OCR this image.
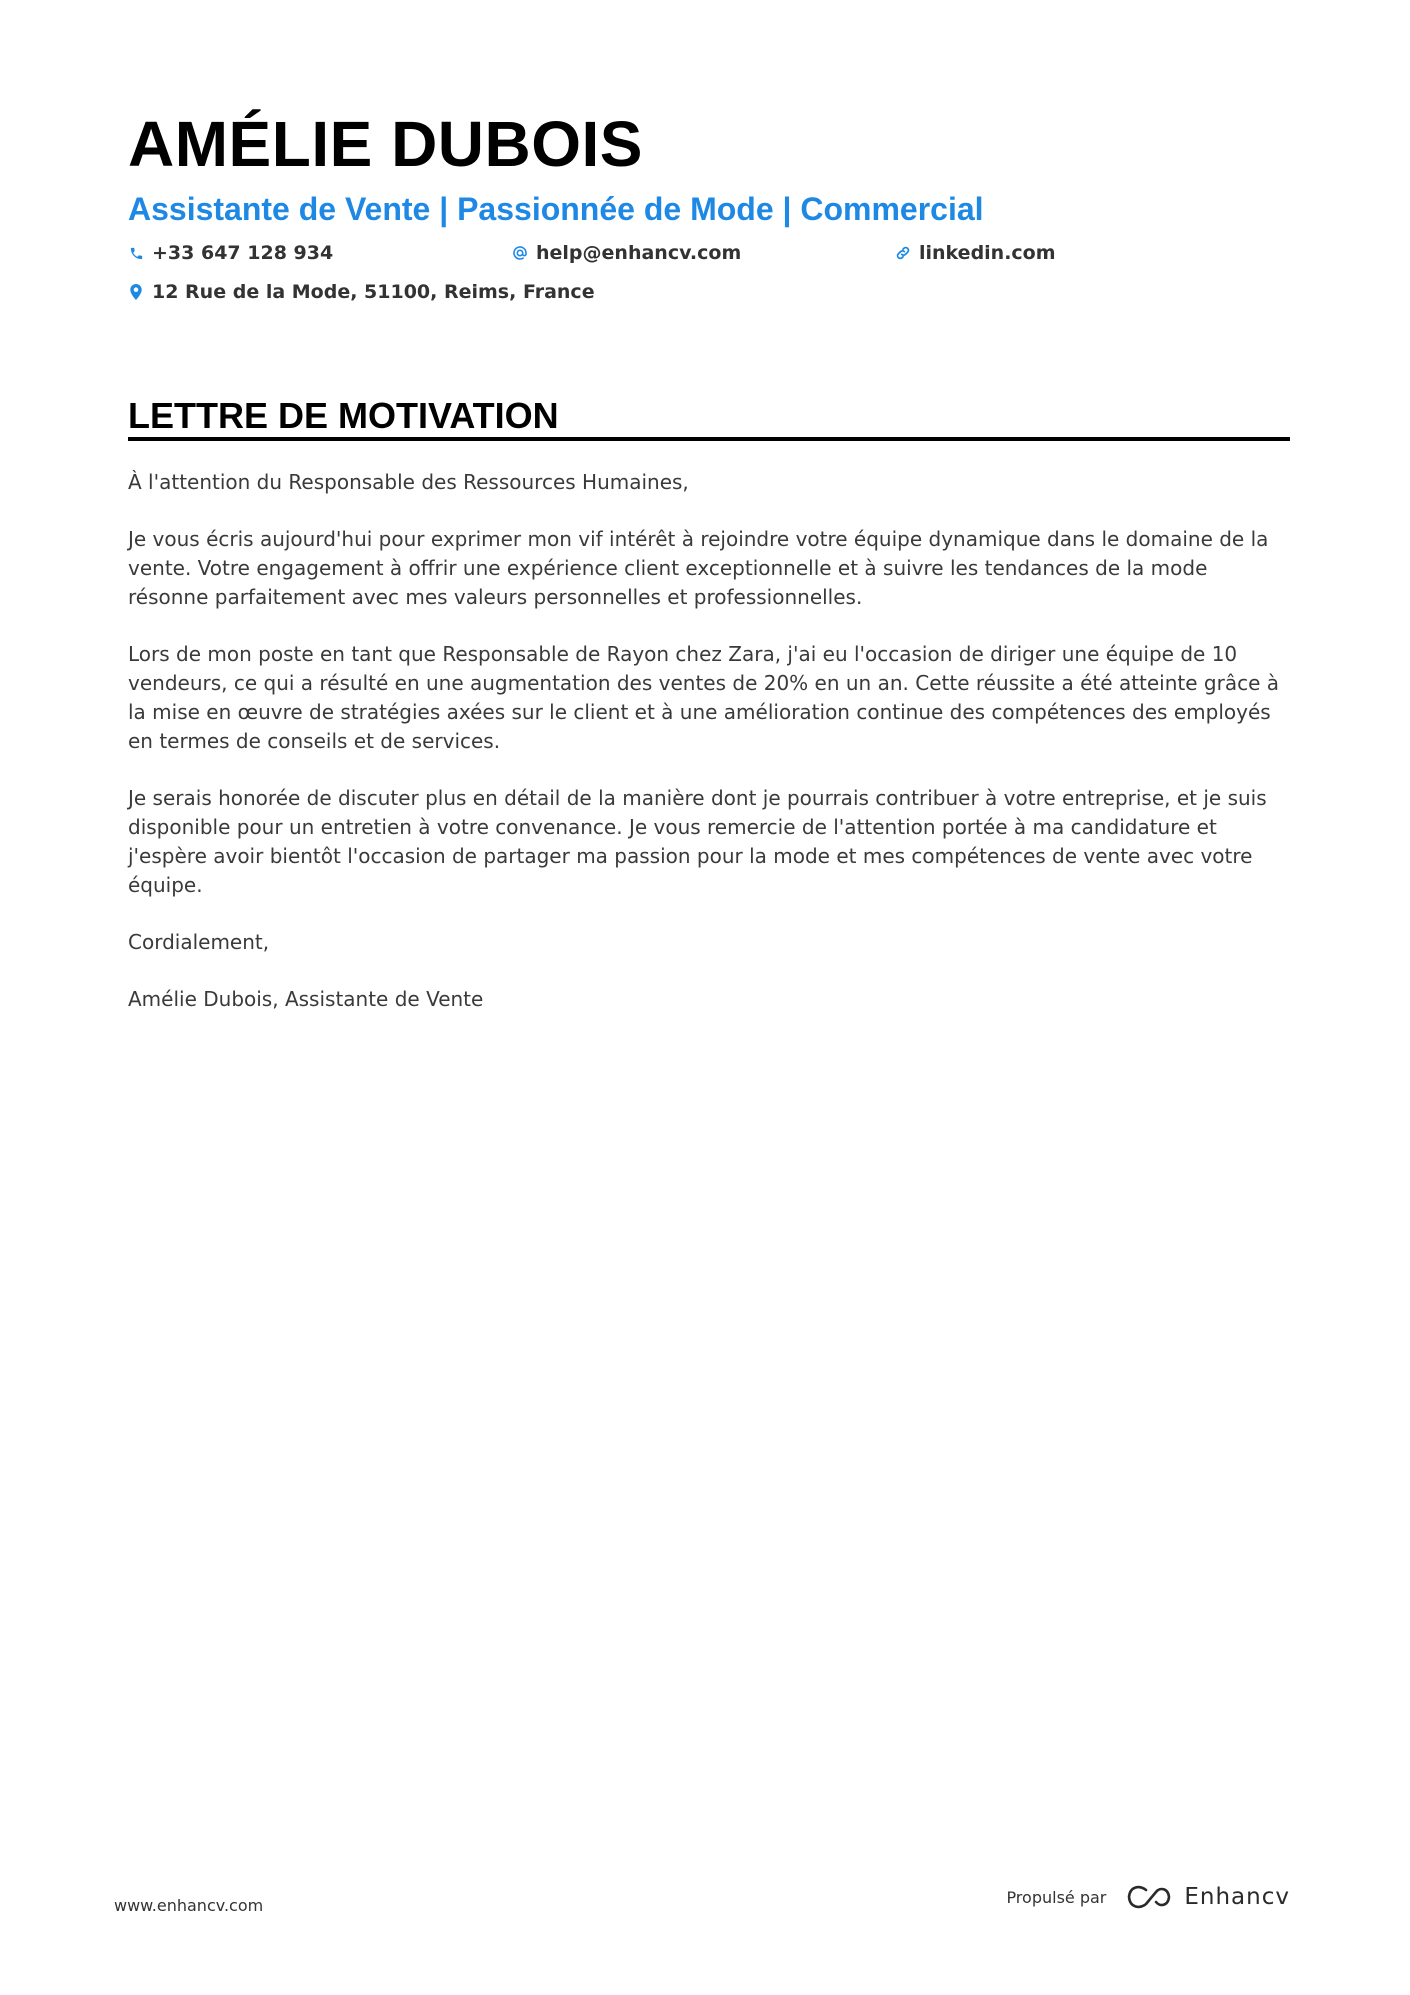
AMÉLIE DUBOIS
Assistante de Vente | Passionnée de Mode | Commercial
+33 647 128 934	help@enhancv.com	linkedin.com
12 Rue de la Mode, 51100, Reims, France
LETTRE DE MOTIVATION

À l'attention du Responsable des Ressources Humaines,

Je vous écris aujourd'hui pour exprimer mon vif intérêt à rejoindre votre équipe dynamique dans le domaine de la vente. Votre engagement à offrir une expérience client exceptionnelle et à suivre les tendances de la mode résonne parfaitement avec mes valeurs personnelles et professionnelles.

Lors de mon poste en tant que Responsable de Rayon chez Zara, j'ai eu l'occasion de diriger une équipe de 10 vendeurs, ce qui a résulté en une augmentation des ventes de 20% en un an. Cette réussite a été atteinte grâce à la mise en œuvre de stratégies axées sur le client et à une amélioration continue des compétences des employés en termes de conseils et de services.

Je serais honorée de discuter plus en détail de la manière dont je pourrais contribuer à votre entreprise, et je suis disponible pour un entretien à votre convenance. Je vous remercie de l'attention portée à ma candidature et j'espère avoir bientôt l'occasion de partager ma passion pour la mode et mes compétences de vente avec votre équipe.

Cordialement,

Amélie Dubois, Assistante de Vente

www.enhancv.com	Propulsé par	Enhancv
